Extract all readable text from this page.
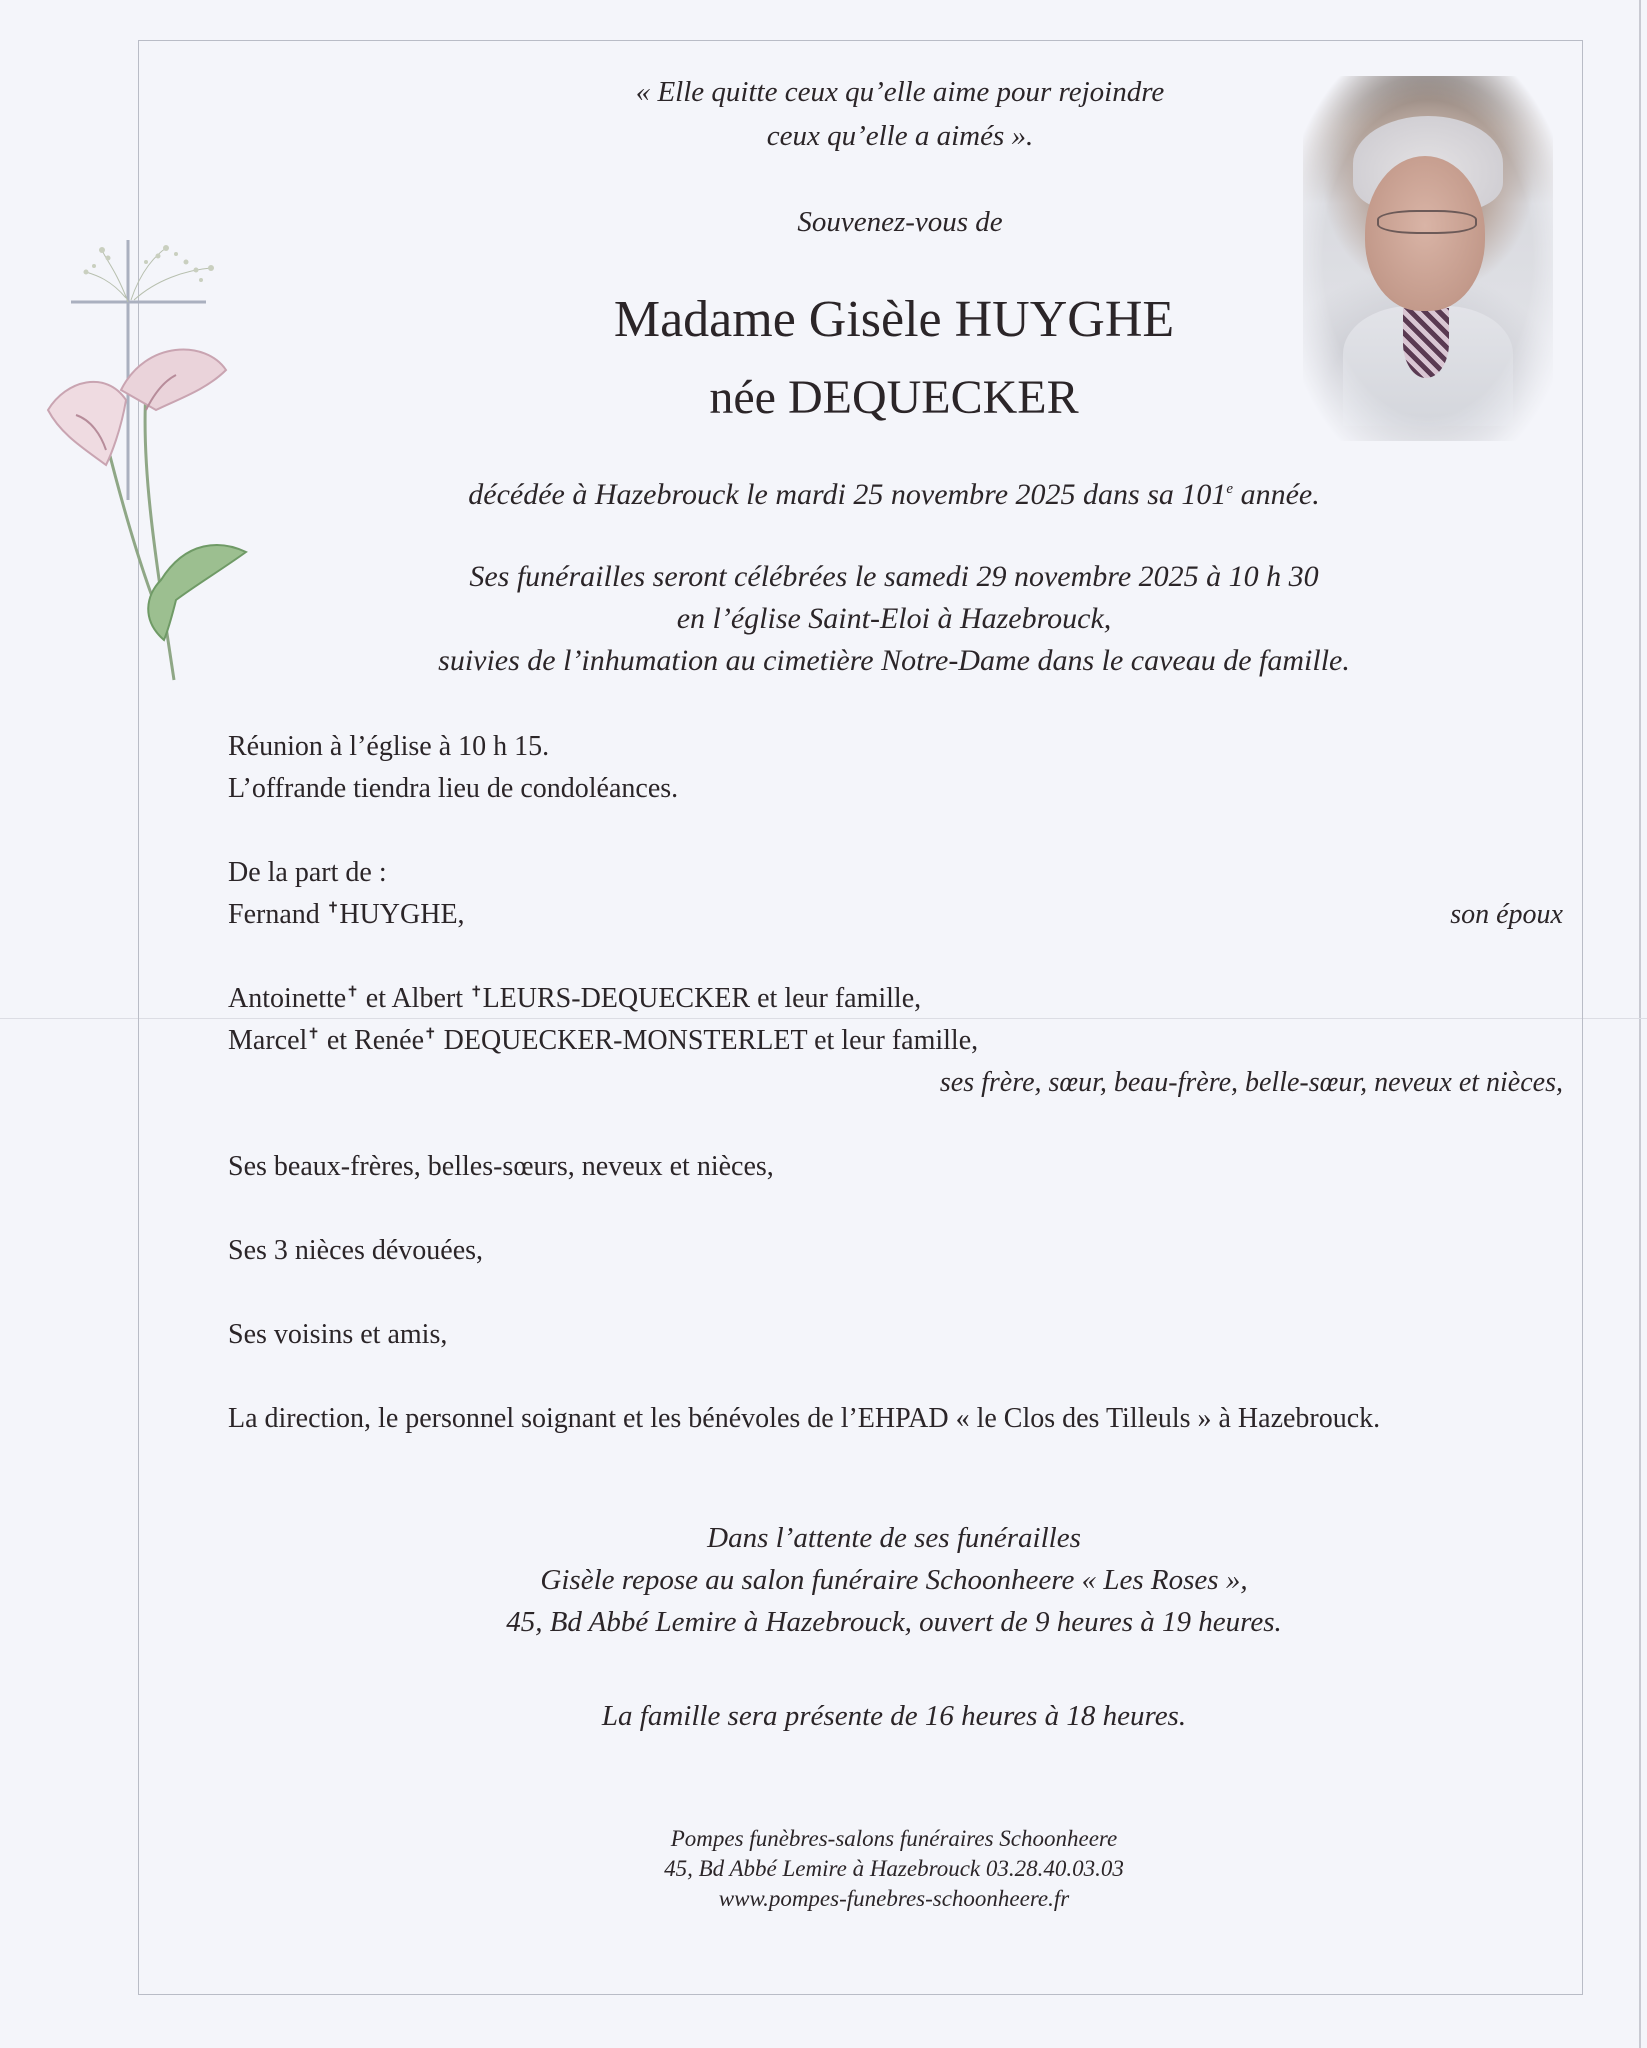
« Elle quitte ceux qu’elle aime pour rejoindre

ceux qu’elle a aimés ».

Souvenez-vous de

Madame Gisèle HUYGHE

née DEQUECKER

décédée à Hazebrouck le mardi 25 novembre 2025 dans sa 101e année.

Ses funérailles seront célébrées le samedi 29 novembre 2025 à 10 h 30

en l’église Saint-Eloi à Hazebrouck,

suivies de l’inhumation au cimetière Notre-Dame dans le caveau de famille.

Réunion à l’église à 10 h 15.

L’offrande tiendra lieu de condoléances.

De la part de :

Fernand ✝HUYGHE,	son époux

Antoinette✝ et Albert ✝LEURS-DEQUECKER et leur famille,

Marcel✝ et Renée✝ DEQUECKER-MONSTERLET et leur famille,

ses frère, sœur, beau-frère, belle-sœur, neveux et nièces,

Ses beaux-frères, belles-sœurs, neveux et nièces,

Ses 3 nièces dévouées,

Ses voisins et amis,

La direction, le personnel soignant et les bénévoles de l’EHPAD « le Clos des Tilleuls » à Hazebrouck.

Dans l’attente de ses funérailles

Gisèle repose au salon funéraire Schoonheere « Les Roses »,

45, Bd Abbé Lemire à Hazebrouck, ouvert de 9 heures à 19 heures.

La famille sera présente de 16 heures à 18 heures.

Pompes funèbres-salons funéraires Schoonheere

45, Bd Abbé Lemire à Hazebrouck 03.28.40.03.03

www.pompes-funebres-schoonheere.fr
